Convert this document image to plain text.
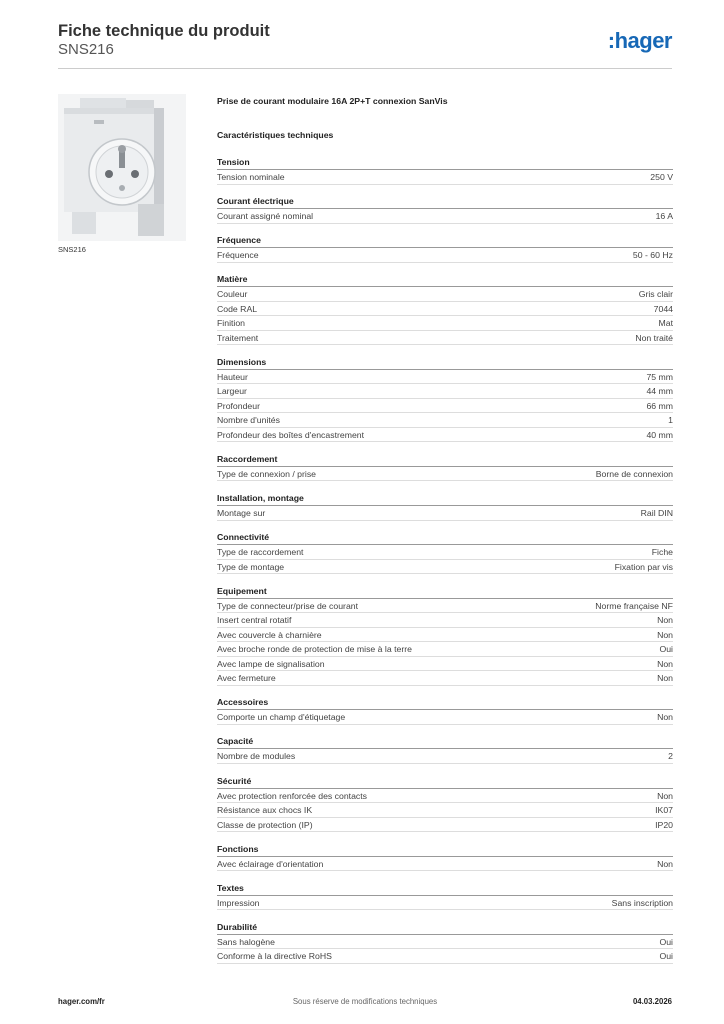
Fiche technique du produit
SNS216	:hager
SNS216
Prise de courant modulaire 16A 2P+T connexion SanVis
Caractéristiques techniques
Tension
Tension nominale	250 V
Courant électrique
Courant assigné nominal	16 A
Fréquence
Fréquence	50 - 60 Hz
Matière
Couleur	Gris clair
Code RAL	7044
Finition	Mat
Traitement	Non traité
Dimensions
Hauteur	75 mm
Largeur	44 mm
Profondeur	66 mm
Nombre d'unités	1
Profondeur des boîtes d'encastrement	40 mm
Raccordement
Type de connexion / prise	Borne de connexion
Installation, montage
Montage sur	Rail DIN
Connectivité
Type de raccordement	Fiche
Type de montage	Fixation par vis
Equipement
Type de connecteur/prise de courant	Norme française NF
Insert central rotatif	Non
Avec couvercle à charnière	Non
Avec broche ronde de protection de mise à la terre	Oui
Avec lampe de signalisation	Non
Avec fermeture	Non
Accessoires
Comporte un champ d'étiquetage	Non
Capacité
Nombre de modules	2
Sécurité
Avec protection renforcée des contacts	Non
Résistance aux chocs IK	IK07
Classe de protection (IP)	IP20
Fonctions
Avec éclairage d'orientation	Non
Textes
Impression	Sans inscription
Durabilité
Sans halogène	Oui
Conforme à la directive RoHS	Oui
Sous réserve de modifications techniques
hager.com/fr	04.03.2026
